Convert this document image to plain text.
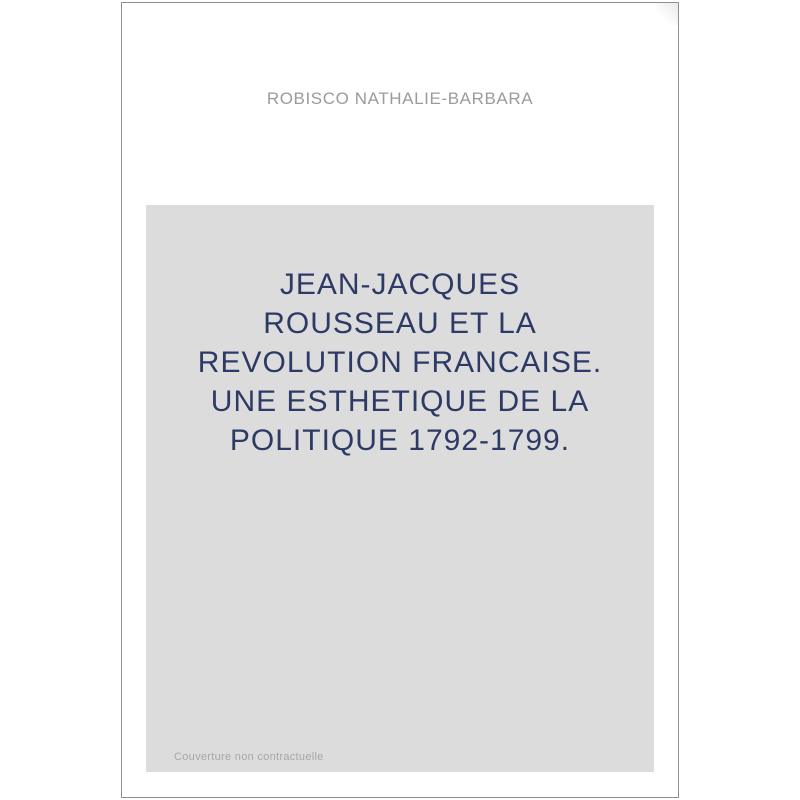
ROBISCO NATHALIE-BARBARA
JEAN-JACQUES
ROUSSEAU ET LA
REVOLUTION FRANCAISE.
UNE ESTHETIQUE DE LA
POLITIQUE 1792-1799.
Couverture non contractuelle
